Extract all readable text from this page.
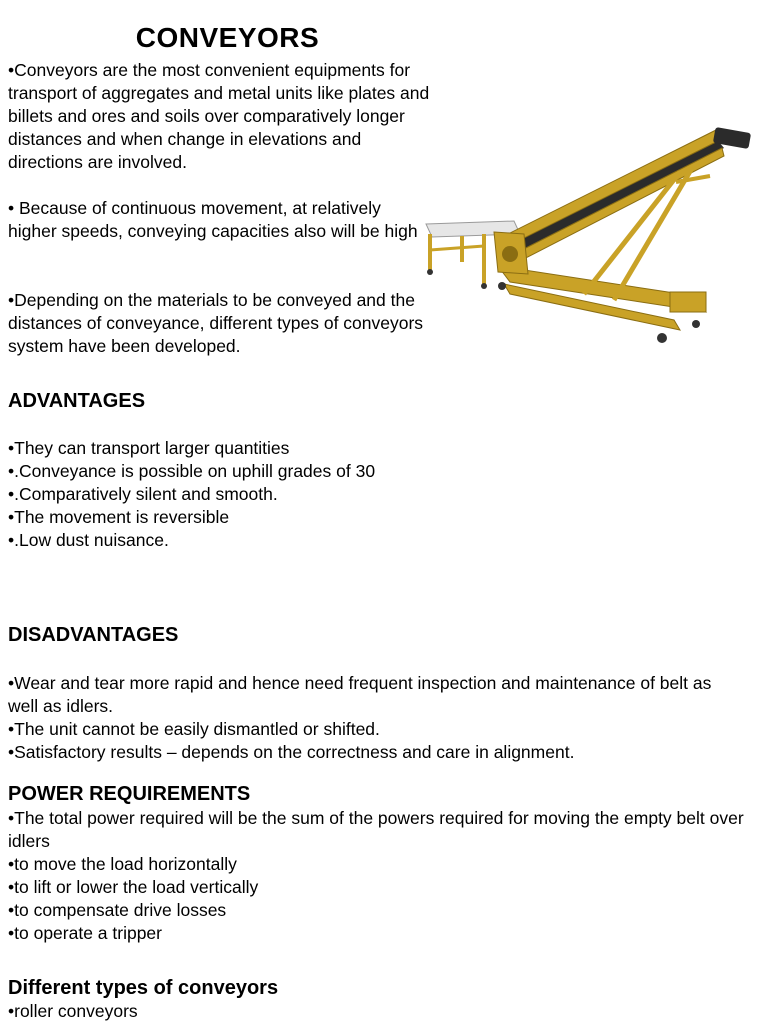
CONVEYORS

•Conveyors are the most convenient equipments for transport of aggregates and metal units like plates and billets and ores and soils over comparatively longer distances and when change in elevations and directions are involved.

• Because of continuous movement, at relatively higher speeds, conveying capacities also will be high

•Depending on the materials to be conveyed and the distances of conveyance, different types of conveyors system have been developed.

ADVANTAGES
•They can transport larger quantities
•.Conveyance is possible on uphill grades of 30
•.Comparatively silent and smooth.
•The movement is reversible
•.Low dust nuisance.
DISADVANTAGES
•Wear and tear more rapid and hence need frequent inspection and maintenance of belt as well as idlers.
•The unit cannot be easily dismantled or shifted.
•Satisfactory results – depends on the correctness and care in alignment.
POWER REQUIREMENTS
•The total power required will be the sum of the powers required for moving the empty belt over idlers
•to move the load horizontally
•to lift or lower the load vertically
•to compensate drive losses
•to operate a tripper
Different types of conveyors
•roller conveyors
